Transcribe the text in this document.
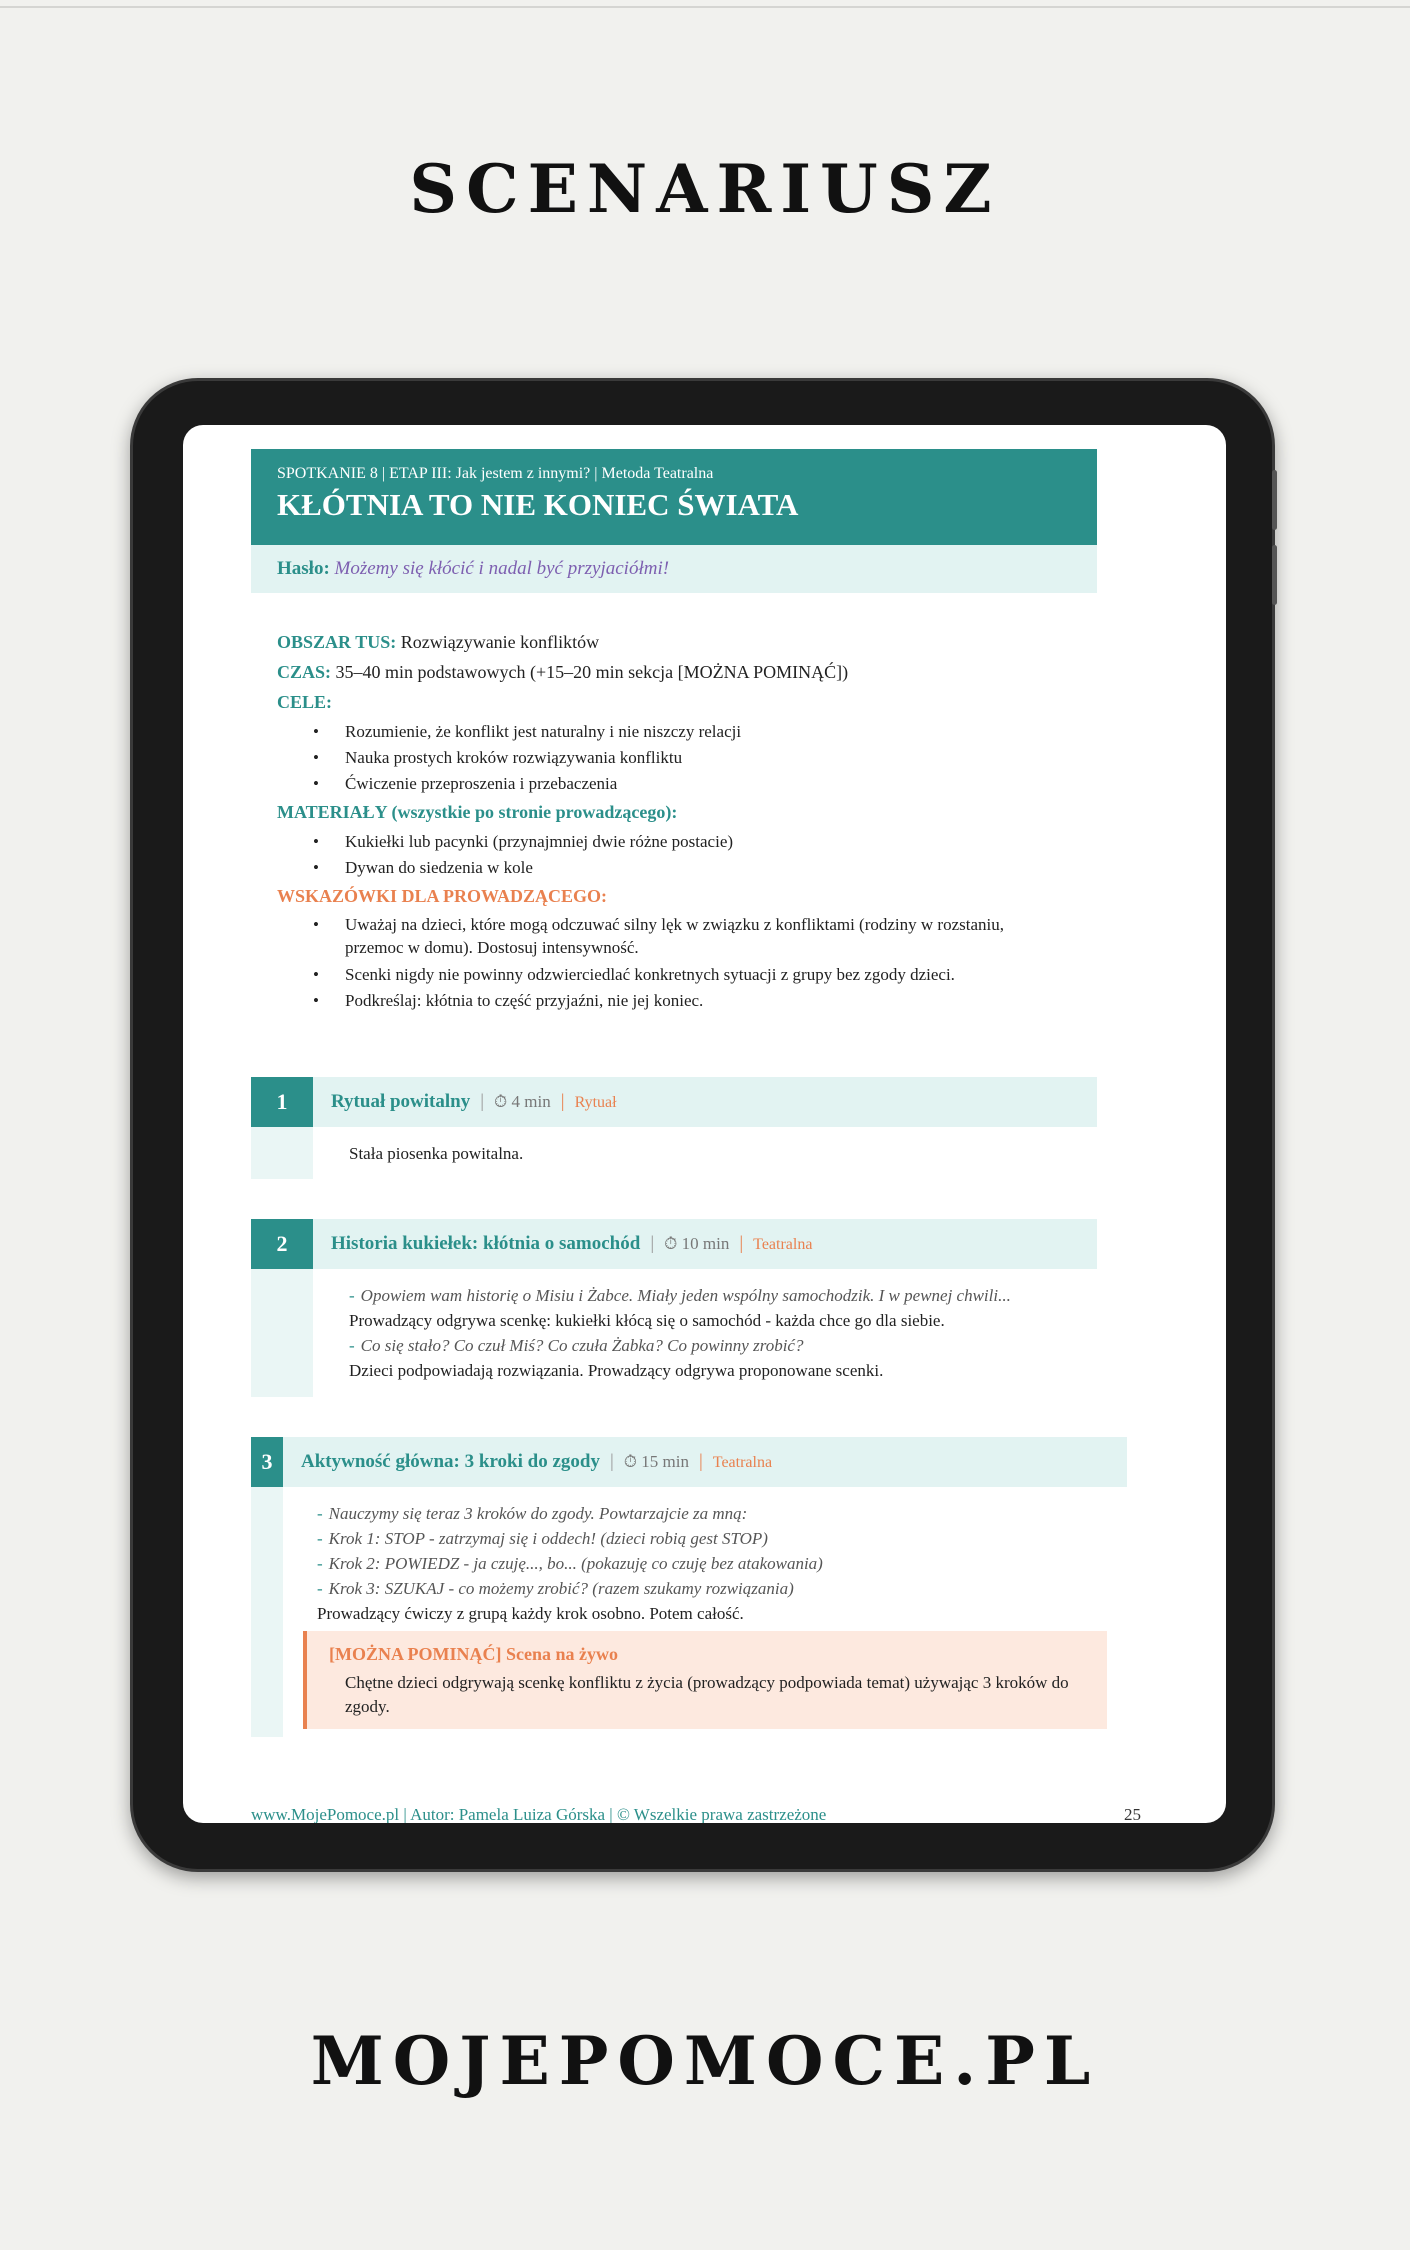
SCENARIUSZ
SPOTKANIE 8 | ETAP III: Jak jestem z innymi? | Metoda Teatralna
KŁÓTNIA TO NIE KONIEC ŚWIATA
Hasło: Możemy się kłócić i nadal być przyjaciółmi!
OBSZAR TUS: Rozwiązywanie konfliktów
CZAS: 35–40 min podstawowych (+15–20 min sekcja [MOŻNA POMINĄĆ])
CELE:
• Rozumienie, że konflikt jest naturalny i nie niszczy relacji
• Nauka prostych kroków rozwiązywania konfliktu
• Ćwiczenie przeproszenia i przebaczenia
MATERIAŁY (wszystkie po stronie prowadzącego):
• Kukiełki lub pacynki (przynajmniej dwie różne postacie)
• Dywan do siedzenia w kole
WSKAZÓWKI DLA PROWADZĄCEGO:
• Uważaj na dzieci, które mogą odczuwać silny lęk w związku z konfliktami (rodziny w rozstaniu, przemoc w domu). Dostosuj intensywność.
• Scenki nigdy nie powinny odzwierciedlać konkretnych sytuacji z grupy bez zgody dzieci.
• Podkreślaj: kłótnia to część przyjaźni, nie jej koniec.
1	Rytuał powitalny | ⏱ 4 min | Rytuał
Stała piosenka powitalna.
2	Historia kukiełek: kłótnia o samochód | ⏱ 10 min | Teatralna
- Opowiem wam historię o Misiu i Żabce. Miały jeden wspólny samochodzik. I w pewnej chwili...
Prowadzący odgrywa scenkę: kukiełki kłócą się o samochód - każda chce go dla siebie.
- Co się stało? Co czuł Miś? Co czuła Żabka? Co powinny zrobić?
Dzieci podpowiadają rozwiązania. Prowadzący odgrywa proponowane scenki.
3	Aktywność główna: 3 kroki do zgody | ⏱ 15 min | Teatralna
- Nauczymy się teraz 3 kroków do zgody. Powtarzajcie za mną:
- Krok 1: STOP - zatrzymaj się i oddech! (dzieci robią gest STOP)
- Krok 2: POWIEDZ - ja czuję..., bo... (pokazuję co czuję bez atakowania)
- Krok 3: SZUKAJ - co możemy zrobić? (razem szukamy rozwiązania)
Prowadzący ćwiczy z grupą każdy krok osobno. Potem całość.
[MOŻNA POMINĄĆ] Scena na żywo
Chętne dzieci odgrywają scenkę konfliktu z życia (prowadzący podpowiada temat) używając 3 kroków do zgody.
www.MojePomoce.pl | Autor: Pamela Luiza Górska | © Wszelkie prawa zastrzeżone	25
MOJEPOMOCE.PL
